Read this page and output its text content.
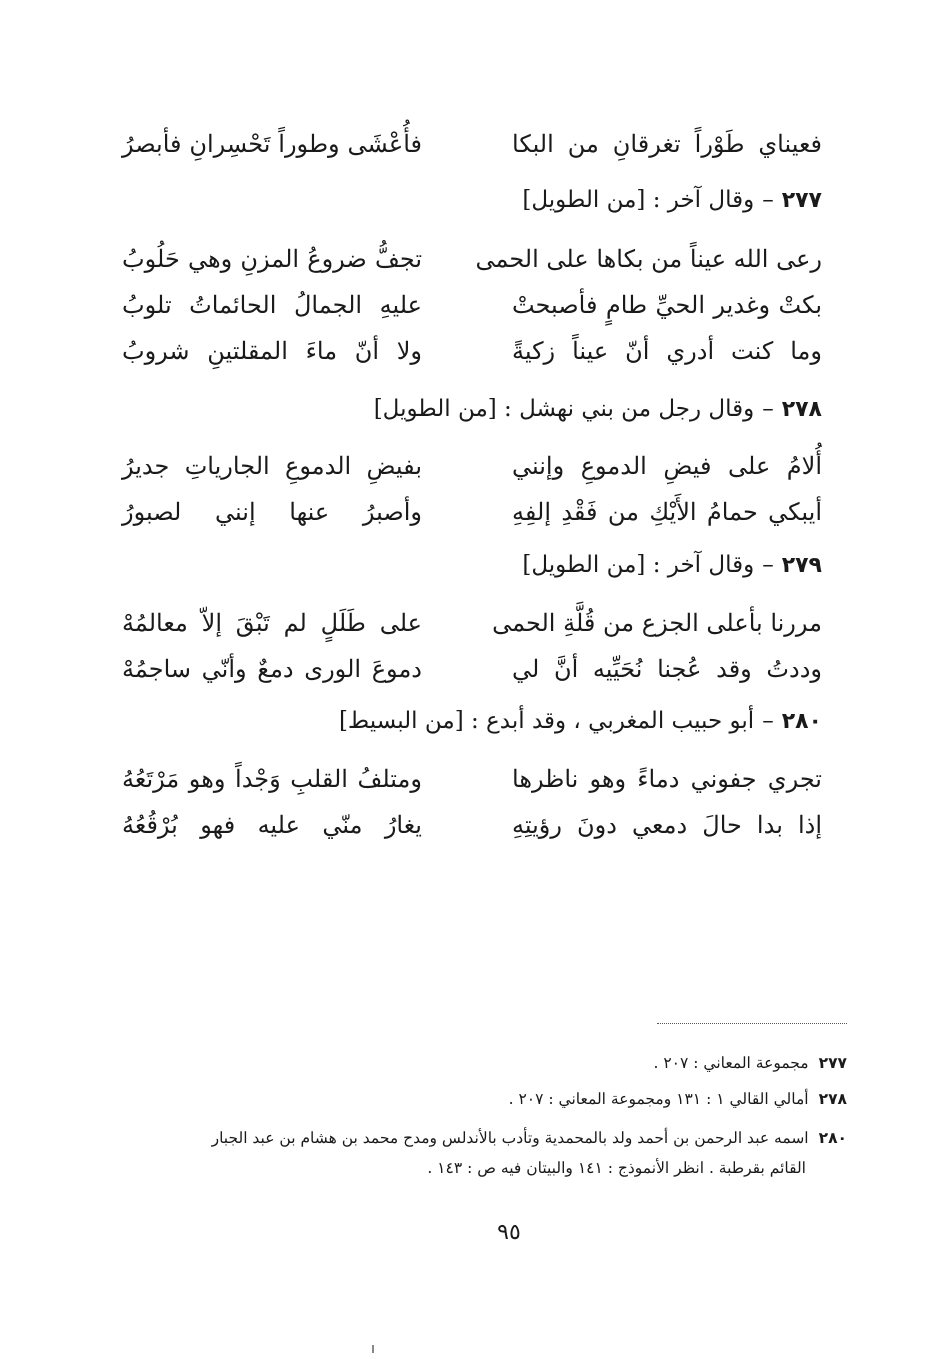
فعيناي طَوْراً تغرقانِ من البكا
فأُعْشَى وطوراً تَحْسِرانِ فأبصرُ
٢٧٧–وقال آخر : [من الطويل]
رعى الله عيناً من بكاها على الحمى
تجفُّ ضروعُ المزنِ وهي حَلُوبُ
بكتْ وغدير الحيِّ طامٍ فأصبحتْ
عليهِ الجمالُ الحائماتُ تلوبُ
وما كنت أدري أنّ عيناً زكيةً
ولا أنّ ماءَ المقلتينِ شروبُ
٢٧٨–وقال رجل من بني نهشل : [من الطويل]
أُلامُ على فيضِ الدموعِ وإنني
بفيضِ الدموعِ الجارياتِ جديرُ
أيبكي حمامُ الأَيْكِ من فَقْدِ إلفِهِ
وأصبرُ عنها إنني لصبورُ
٢٧٩–وقال آخر : [من الطويل]
مررنا بأعلى الجزع من قُلَّةِ الحمى
على طَلَلٍ لم تَبْقَ إلاّ معالمُهْ
وددتُ وقد عُجنا نُحَيِّيه أنَّ لي
دموعَ الورى دمعٌ وأنّي ساجمُهْ
٢٨٠–أبو حبيب المغربي ، وقد أبدع : [من البسيط]
تجري جفوني دماءً وهو ناظرها
ومتلفُ القلبِ وَجْداً وهو مَرْتَعُهُ
إذا بدا حالَ دمعي دونَ رؤيتِهِ
يغارُ منّي عليه فهو بُرْقُعُهُ
٢٧٧مجموعة المعاني : ٢٠٧ .
٢٧٨أمالي القالي ١ : ١٣١ ومجموعة المعاني : ٢٠٧ .
٢٨٠اسمه عبد الرحمن بن أحمد ولد بالمحمدية وتأدب بالأندلس ومدح محمد بن هشام بن عبد الجبار
القائم بقرطبة . انظر الأنموذج : ١٤١ والبيتان فيه ص : ١٤٣ .
٩٥
